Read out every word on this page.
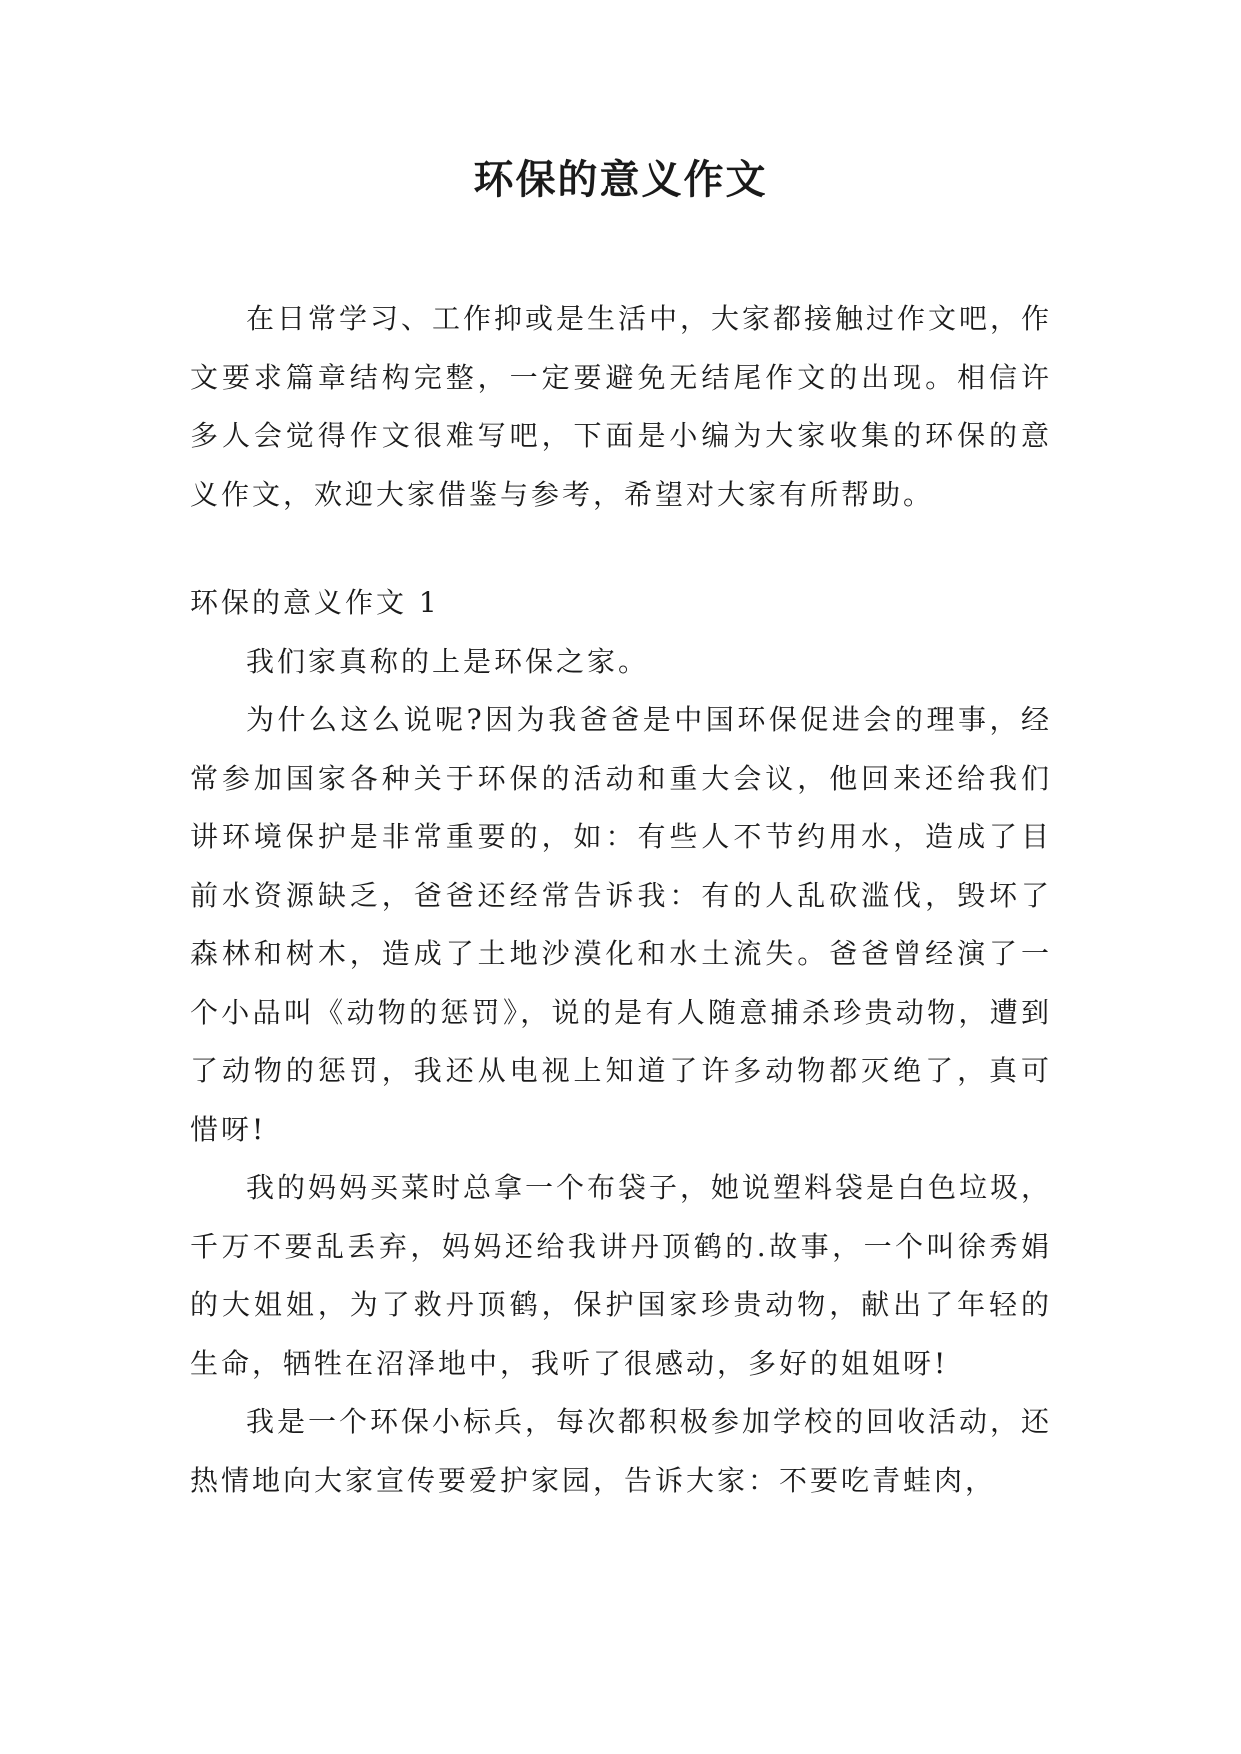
环保的意义作文

在日常学习、工作抑或是生活中，大家都接触过作文吧，作文要求篇章结构完整，一定要避免无结尾作文的出现。相信许多人会觉得作文很难写吧，下面是小编为大家收集的环保的意义作文，欢迎大家借鉴与参考，希望对大家有所帮助。

环保的意义作文 1

我们家真称的上是环保之家。

为什么这么说呢?因为我爸爸是中国环保促进会的理事，经常参加国家各种关于环保的活动和重大会议，他回来还给我们讲环境保护是非常重要的，如：有些人不节约用水，造成了目前水资源缺乏，爸爸还经常告诉我：有的人乱砍滥伐，毁坏了森林和树木，造成了土地沙漠化和水土流失。爸爸曾经演了一个小品叫《动物的惩罚》，说的是有人随意捕杀珍贵动物，遭到了动物的惩罚，我还从电视上知道了许多动物都灭绝了，真可惜呀!

我的妈妈买菜时总拿一个布袋子，她说塑料袋是白色垃圾，千万不要乱丢弃，妈妈还给我讲丹顶鹤的.故事，一个叫徐秀娟的大姐姐，为了救丹顶鹤，保护国家珍贵动物，献出了年轻的生命，牺牲在沼泽地中，我听了很感动，多好的姐姐呀!

我是一个环保小标兵，每次都积极参加学校的回收活动，还热情地向大家宣传要爱护家园，告诉大家：不要吃青蛙肉，
